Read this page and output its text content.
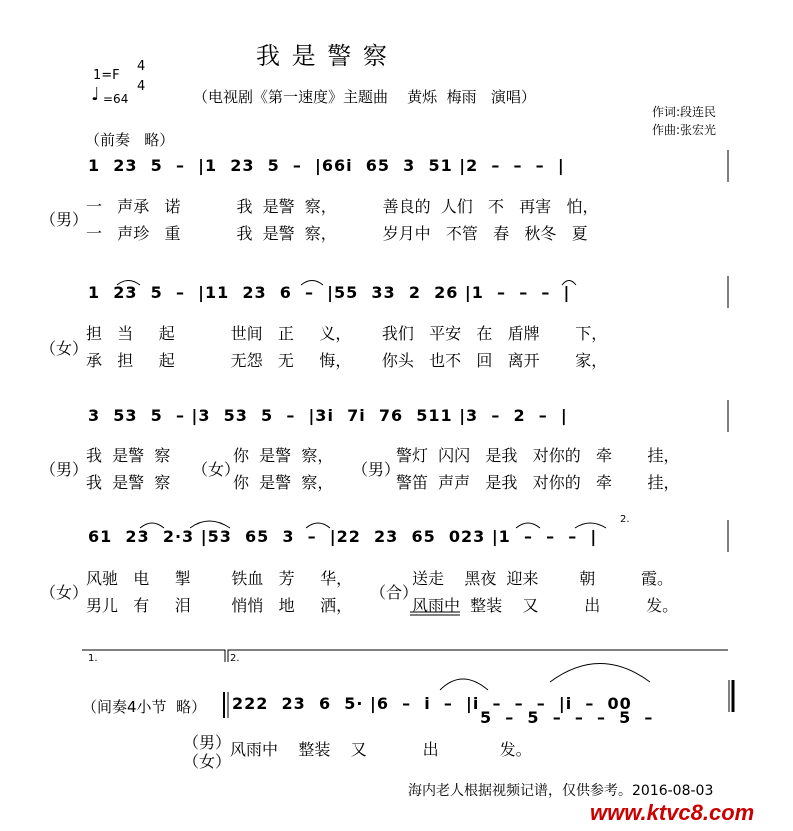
我 是 警 察
1=F
4
4
♩ =64	（电视剧《第一速度》主题曲    黄烁  梅雨   演唱）
作词:段连民
作曲:张宏光
（前奏   略）
1  23  5  –  |1  23  5  –  |66i  65  3  51 |2  –  –  –  |
（男）
一   声承   诺           我  是警  察，         善良的  人们   不   再害   怕，
一   声珍   重           我  是警  察，         岁月中   不管   春   秋冬   夏
1  23  5  –  |11  23  6  –  |55  33  2  26 |1  –  –  –  |
（女）
担   当     起           世间   正     义，      我们   平安   在   盾牌       下，
承   担     起           无怨   无     悔，      你头   也不   回   离开       家，
3  53  5  – |3  53  5  –  |3i  7i  76  511 |3  –  2  –  |
（男）	（女）	（男）
我  是警  察	你  是警  察，	警灯  闪闪   是我   对你的   牵       挂，
我  是警  察	你  是警  察，	警笛  声声   是我   对你的   牵       挂，
61  23  2·3 |53  65  3  –  |22  23  65  023 |1  –  –  –  |
2.
（女）	（合）
风驰   电     掣        铁血   芳     华，	送走    黑夜  迎来        朝         霞。
男儿   有     泪        悄悄   地     洒，	风雨中  整装    又         出         发。
1.	2.
（间奏4小节  略） 222  23  6  5· |6  –  i  –  |i  –  –  –  |i  –  00
5  –  5  –  –  –  5  –
（男）
（女）
风雨中    整装    又           出            发。
海内老人根据视频记谱，仅供参考。2016-08-03
www.ktvc8.com
